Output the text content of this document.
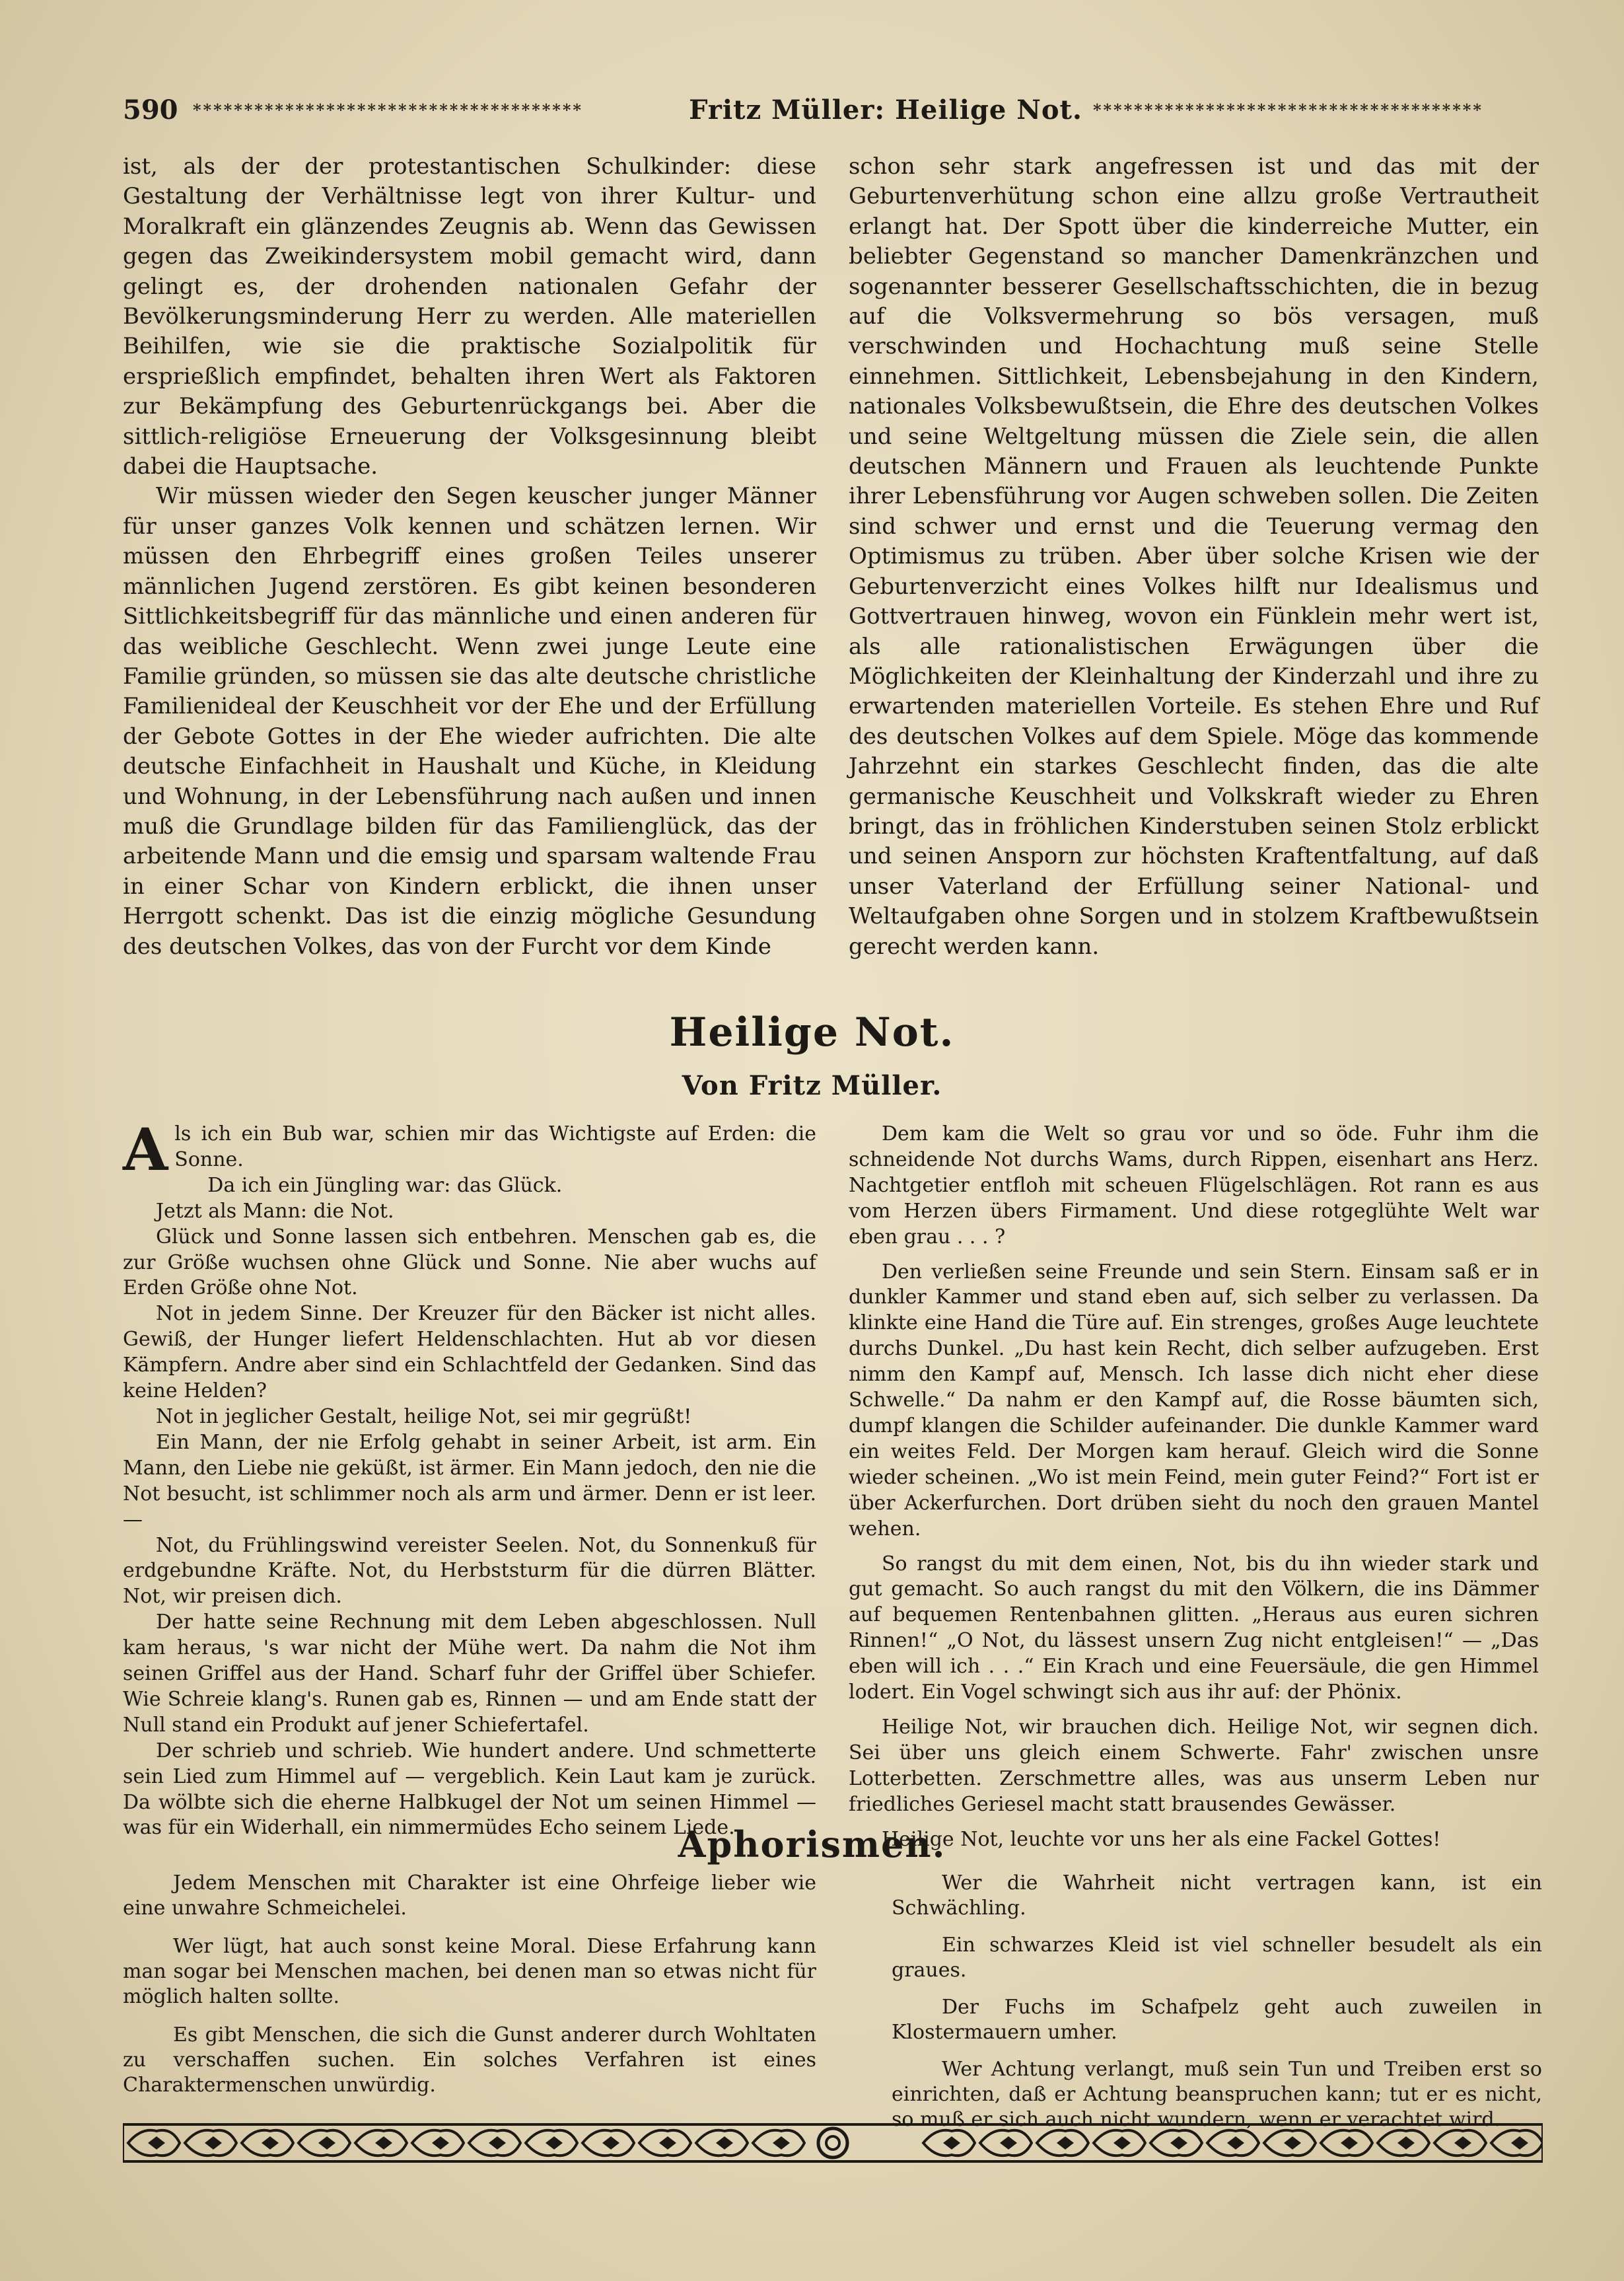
590 **************************************	Fritz Müller: Heilige Not. **************************************

ist, als der der protestantischen Schulkinder: diese Gestaltung der Verhältnisse legt von ihrer Kultur- und Moralkraft ein glänzendes Zeugnis ab. Wenn das Gewissen gegen das Zweikindersystem mobil gemacht wird, dann gelingt es, der drohenden nationalen Gefahr der Bevölkerungsminderung Herr zu werden. Alle materiellen Beihilfen, wie sie die praktische Sozialpolitik für ersprießlich empfindet, behalten ihren Wert als Faktoren zur Bekämpfung des Geburtenrückgangs bei. Aber die sittlich-religiöse Erneuerung der Volksgesinnung bleibt dabei die Hauptsache.

Wir müssen wieder den Segen keuscher junger Männer für unser ganzes Volk kennen und schätzen lernen. Wir müssen den Ehrbegriff eines großen Teiles unserer männlichen Jugend zerstören. Es gibt keinen besonderen Sittlichkeitsbegriff für das männliche und einen anderen für das weibliche Geschlecht. Wenn zwei junge Leute eine Familie gründen, so müssen sie das alte deutsche christliche Familienideal der Keuschheit vor der Ehe und der Erfüllung der Gebote Gottes in der Ehe wieder aufrichten. Die alte deutsche Einfachheit in Haushalt und Küche, in Kleidung und Wohnung, in der Lebensführung nach außen und innen muß die Grundlage bilden für das Familienglück, das der arbeitende Mann und die emsig und sparsam waltende Frau in einer Schar von Kindern erblickt, die ihnen unser Herrgott schenkt. Das ist die einzig mögliche Gesundung des deutschen Volkes, das von der Furcht vor dem Kinde

schon sehr stark angefressen ist und das mit der Geburtenverhütung schon eine allzu große Vertrautheit erlangt hat. Der Spott über die kinderreiche Mutter, ein beliebter Gegenstand so mancher Damenkränzchen und sogenannter besserer Gesellschaftsschichten, die in bezug auf die Volksvermehrung so bös versagen, muß verschwinden und Hochachtung muß seine Stelle einnehmen. Sittlichkeit, Lebensbejahung in den Kindern, nationales Volksbewußtsein, die Ehre des deutschen Volkes und seine Weltgeltung müssen die Ziele sein, die allen deutschen Männern und Frauen als leuchtende Punkte ihrer Lebensführung vor Augen schweben sollen. Die Zeiten sind schwer und ernst und die Teuerung vermag den Optimismus zu trüben. Aber über solche Krisen wie der Geburtenverzicht eines Volkes hilft nur Idealismus und Gottvertrauen hinweg, wovon ein Fünklein mehr wert ist, als alle rationalistischen Erwägungen über die Möglichkeiten der Kleinhaltung der Kinderzahl und ihre zu erwartenden materiellen Vorteile. Es stehen Ehre und Ruf des deutschen Volkes auf dem Spiele. Möge das kommende Jahrzehnt ein starkes Geschlecht finden, das die alte germanische Keuschheit und Volkskraft wieder zu Ehren bringt, das in fröhlichen Kinderstuben seinen Stolz erblickt und seinen Ansporn zur höchsten Kraftentfaltung, auf daß unser Vaterland der Erfüllung seiner National- und Weltaufgaben ohne Sorgen und in stolzem Kraftbewußtsein gerecht werden kann.

Heilige Not.
Von Fritz Müller.

Als ich ein Bub war, schien mir das Wichtigste auf Erden: die Sonne.

Da ich ein Jüngling war: das Glück.

Jetzt als Mann: die Not.

Glück und Sonne lassen sich entbehren. Menschen gab es, die zur Größe wuchsen ohne Glück und Sonne. Nie aber wuchs auf Erden Größe ohne Not.

Not in jedem Sinne. Der Kreuzer für den Bäcker ist nicht alles. Gewiß, der Hunger liefert Heldenschlachten. Hut ab vor diesen Kämpfern. Andre aber sind ein Schlachtfeld der Gedanken. Sind das keine Helden?

Not in jeglicher Gestalt, heilige Not, sei mir gegrüßt!

Ein Mann, der nie Erfolg gehabt in seiner Arbeit, ist arm. Ein Mann, den Liebe nie geküßt, ist ärmer. Ein Mann jedoch, den nie die Not besucht, ist schlimmer noch als arm und ärmer. Denn er ist leer. —

Not, du Frühlingswind vereister Seelen. Not, du Sonnenkuß für erdgebundne Kräfte. Not, du Herbststurm für die dürren Blätter. Not, wir preisen dich.

Der hatte seine Rechnung mit dem Leben abgeschlossen. Null kam heraus, 's war nicht der Mühe wert. Da nahm die Not ihm seinen Griffel aus der Hand. Scharf fuhr der Griffel über Schiefer. Wie Schreie klang's. Runen gab es, Rinnen — und am Ende statt der Null stand ein Produkt auf jener Schiefertafel.

Der schrieb und schrieb. Wie hundert andere. Und schmetterte sein Lied zum Himmel auf — vergeblich. Kein Laut kam je zurück. Da wölbte sich die eherne Halbkugel der Not um seinen Himmel — was für ein Widerhall, ein nimmermüdes Echo seinem Liede.

Dem kam die Welt so grau vor und so öde. Fuhr ihm die schneidende Not durchs Wams, durch Rippen, eisenhart ans Herz. Nachtgetier entfloh mit scheuen Flügelschlägen. Rot rann es aus vom Herzen übers Firmament. Und diese rotgeglühte Welt war eben grau . . . ?

Den verließen seine Freunde und sein Stern. Einsam saß er in dunkler Kammer und stand eben auf, sich selber zu verlassen. Da klinkte eine Hand die Türe auf. Ein strenges, großes Auge leuchtete durchs Dunkel. „Du hast kein Recht, dich selber aufzugeben. Erst nimm den Kampf auf, Mensch. Ich lasse dich nicht eher diese Schwelle.“ Da nahm er den Kampf auf, die Rosse bäumten sich, dumpf klangen die Schilder aufeinander. Die dunkle Kammer ward ein weites Feld. Der Morgen kam herauf. Gleich wird die Sonne wieder scheinen. „Wo ist mein Feind, mein guter Feind?“ Fort ist er über Ackerfurchen. Dort drüben sieht du noch den grauen Mantel wehen.

So rangst du mit dem einen, Not, bis du ihn wieder stark und gut gemacht. So auch rangst du mit den Völkern, die ins Dämmer auf bequemen Rentenbahnen glitten. „Heraus aus euren sichren Rinnen!“ „O Not, du lässest unsern Zug nicht entgleisen!“ — „Das eben will ich . . .“ Ein Krach und eine Feuersäule, die gen Himmel lodert. Ein Vogel schwingt sich aus ihr auf: der Phönix.

Heilige Not, wir brauchen dich. Heilige Not, wir segnen dich. Sei über uns gleich einem Schwerte. Fahr' zwischen unsre Lotterbetten. Zerschmettre alles, was aus unserm Leben nur friedliches Geriesel macht statt brausendes Gewässer.

Heilige Not, leuchte vor uns her als eine Fackel Gottes!

Aphorismen.

Jedem Menschen mit Charakter ist eine Ohrfeige lieber wie eine unwahre Schmeichelei.

Wer lügt, hat auch sonst keine Moral. Diese Erfahrung kann man sogar bei Menschen machen, bei denen man so etwas nicht für möglich halten sollte.

Es gibt Menschen, die sich die Gunst anderer durch Wohltaten zu verschaffen suchen. Ein solches Verfahren ist eines Charaktermenschen unwürdig.

Wer die Wahrheit nicht vertragen kann, ist ein Schwächling.

Ein schwarzes Kleid ist viel schneller besudelt als ein graues.

Der Fuchs im Schafpelz geht auch zuweilen in Klostermauern umher.

Wer Achtung verlangt, muß sein Tun und Treiben erst so einrichten, daß er Achtung beanspruchen kann; tut er es nicht, so muß er sich auch nicht wundern, wenn er verachtet wird.
